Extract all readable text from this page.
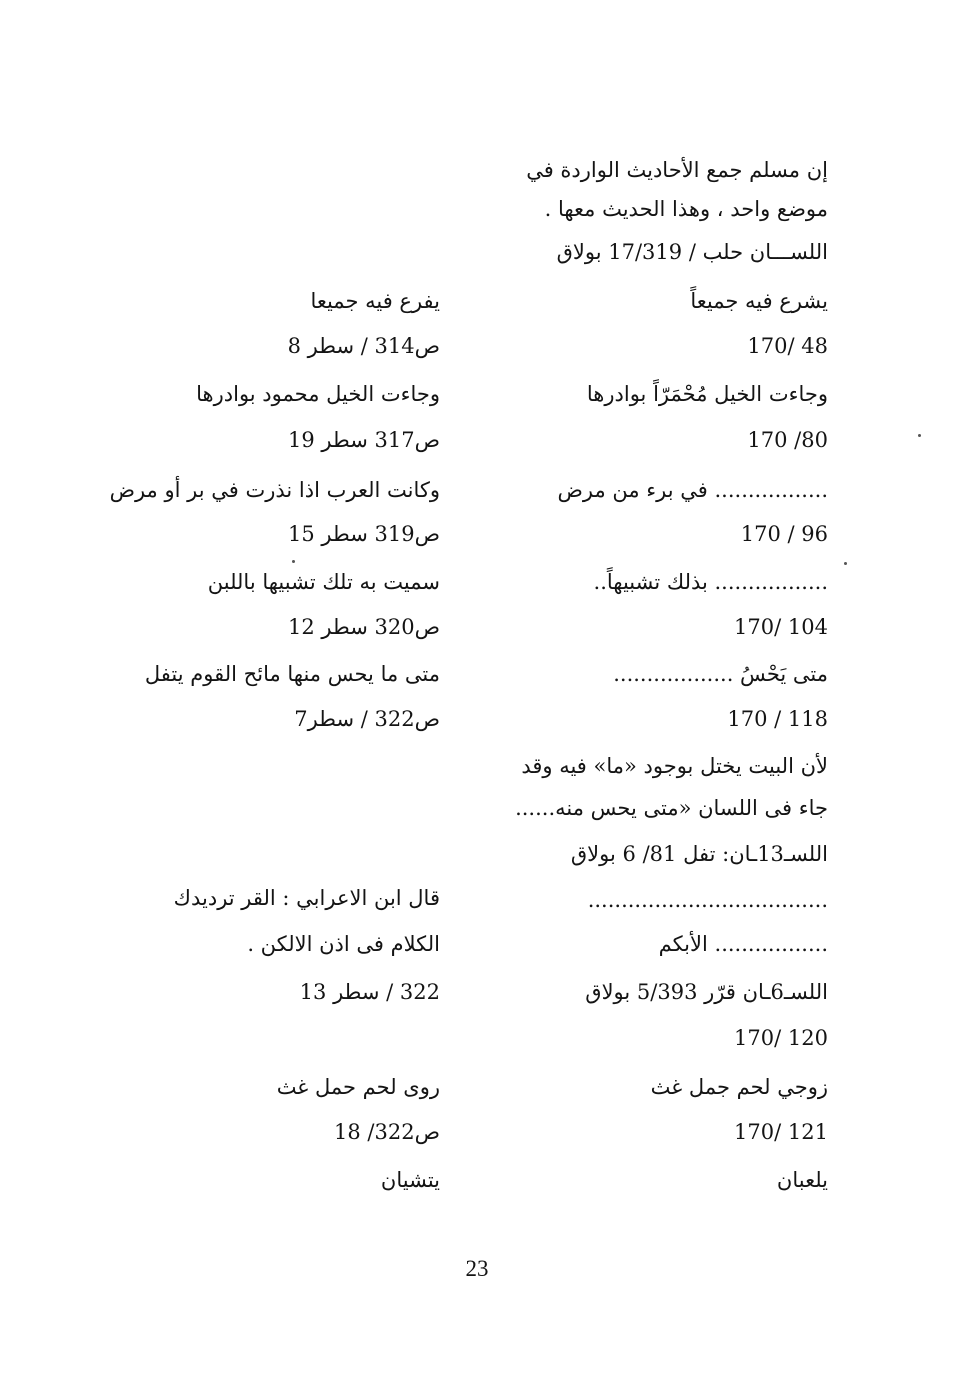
إن مسلم جمع الأحاديث الواردة في
موضع واحد ، وهذا الحديث معها .
اللســـان حلب / 17/319 بولاق
يشرع فيه جميعاً
48 /170
وجاءت الخيل مُحْمَرّاً بوادرها
80/ 170
................. في برء من مرض
96 / 170
................. بذلك تشبيهاً..
104 /170
متى يَحْسُ ..................
118 / 170
لأن البيت يختل بوجود «ما» فيه وقد
جاء فى اللسان «متى يحس منه......
اللسـ13ـان: تفل 81/ 6 بولاق
....................................
................. الأبكم
اللسـ6ـان قرّر 5/393 بولاق
120 /170
زوجي لحم جمل غث
121 /170
يلعبان
يفرع فيه جميعا
ص314 / سطر 8
وجاءت الخيل محمود بوادرها
ص317 سطر 19
وكانت العرب اذا نذرت في بر أو مرض
ص319 سطر 15
سميت به تلك تشبيها باللبن
ص320 سطر 12
متى ما يحس منها مائح القوم يتفل
ص322 / سطر7
قال ابن الاعرابي : القر ترديدك
الكلام فى اذن الالكن .
322 / سطر 13
روى لحم حمل غث
ص322/ 18
يتشيان
23
